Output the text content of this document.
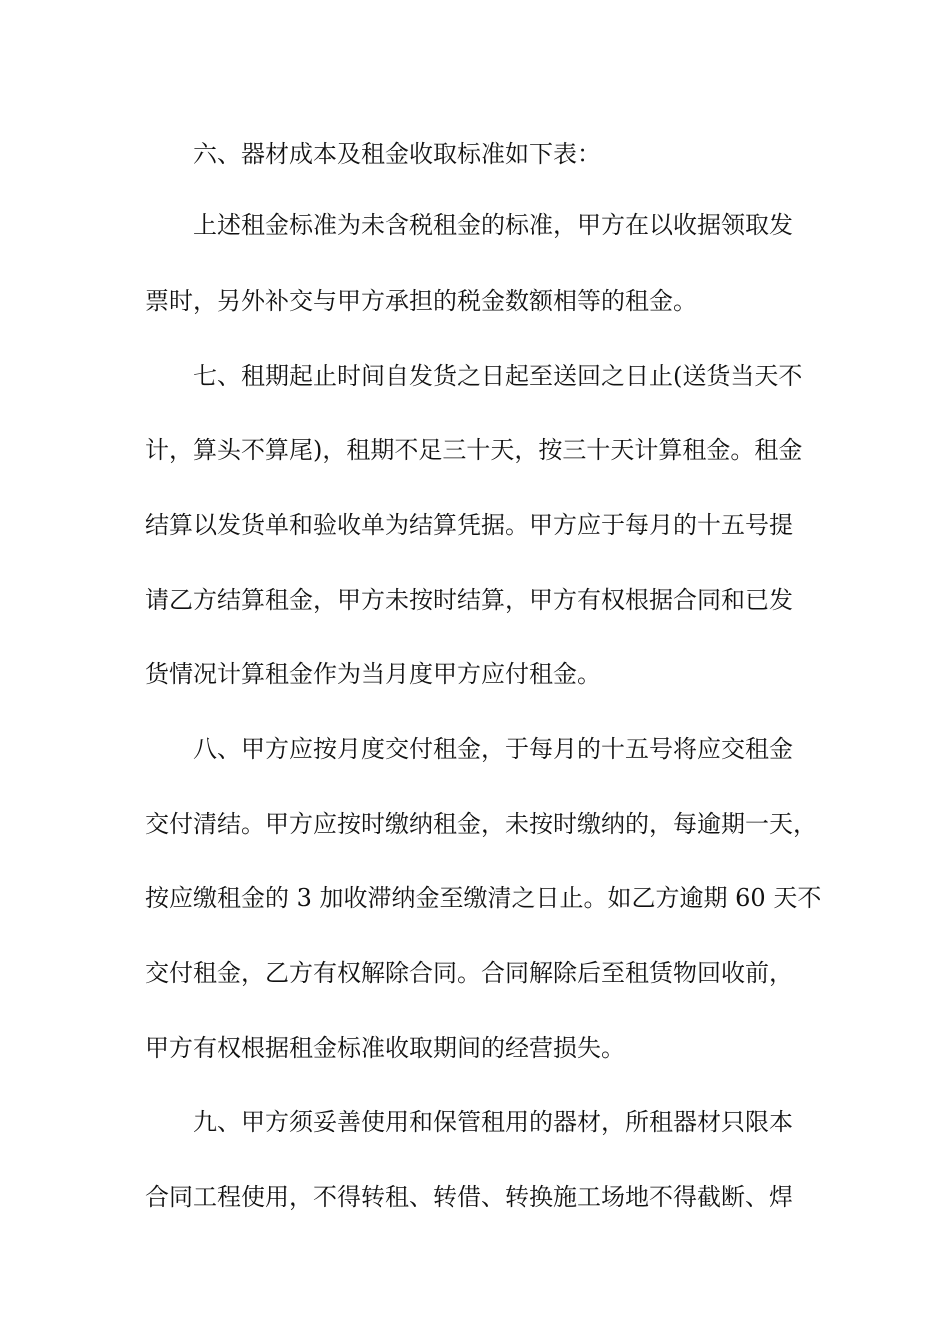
六、器材成本及租金收取标准如下表：
上述租金标准为未含税租金的标准，甲方在以收据领取发
票时，另外补交与甲方承担的税金数额相等的租金。
七、租期起止时间自发货之日起至送回之日止(送货当天不
计，算头不算尾)，租期不足三十天，按三十天计算租金。租金
结算以发货单和验收单为结算凭据。甲方应于每月的十五号提
请乙方结算租金，甲方未按时结算，甲方有权根据合同和已发
货情况计算租金作为当月度甲方应付租金。
八、甲方应按月度交付租金，于每月的十五号将应交租金
交付清结。甲方应按时缴纳租金，未按时缴纳的，每逾期一天，
按应缴租金的 3 加收滞纳金至缴清之日止。如乙方逾期 60 天不
交付租金，乙方有权解除合同。合同解除后至租赁物回收前，
甲方有权根据租金标准收取期间的经营损失。
九、甲方须妥善使用和保管租用的器材，所租器材只限本
合同工程使用，不得转租、转借、转换施工场地不得截断、焊
